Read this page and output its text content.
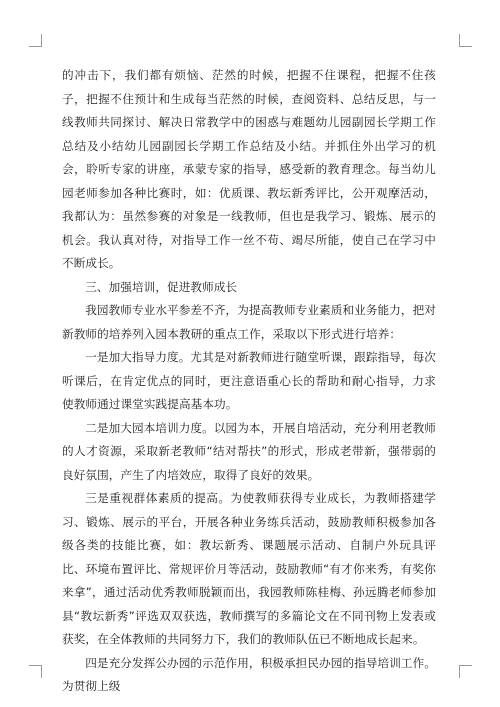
的冲击下，我们都有烦恼、茫然的时候，把握不住课程，把握不住孩子，把握不住预计和生成每当茫然的时候，查阅资料、总结反思，与一线教师共同探讨、解决日常教学中的困惑与难题幼儿园副园长学期工作总结及小结幼儿园副园长学期工作总结及小结。并抓住外出学习的机会，聆听专家的讲座，承蒙专家的指导，感受新的教育理念。每当幼儿园老师参加各种比赛时，如：优质课、教坛新秀评比，公开观摩活动，我都认为：虽然参赛的对象是一线教师，但也是我学习、锻炼、展示的机会。我认真对待，对指导工作一丝不苟、竭尽所能，使自己在学习中不断成长。

三、加强培训，促进教师成长

我园教师专业水平参差不齐，为提高教师专业素质和业务能力，把对新教师的培养列入园本教研的重点工作，采取以下形式进行培养：

一是加大指导力度。尤其是对新教师进行随堂听课，跟踪指导，每次听课后，在肯定优点的同时，更注意语重心长的帮助和耐心指导，力求使教师通过课堂实践提高基本功。

二是加大园本培训力度。以园为本，开展自培活动，充分利用老教师的人才资源，采取新老教师“结对帮扶”的形式，形成老带新，强带弱的良好氛围，产生了内培效应，取得了良好的效果。

三是重视群体素质的提高。为使教师获得专业成长，为教师搭建学习、锻炼、展示的平台，开展各种业务练兵活动，鼓励教师积极参加各级各类的技能比赛，如：教坛新秀、课题展示活动、自制户外玩具评比、环境布置评比、常规评价月等活动，鼓励教师“有才你来秀，有奖你来拿”，通过活动优秀教师脱颖而出，我园教师陈桂梅、孙远腾老师参加县“教坛新秀”评选双双获选，教师撰写的多篇论文在不同刊物上发表或获奖，在全体教师的共同努力下，我们的教师队伍已不断地成长起来。

四是充分发挥公办园的示范作用，积极承担民办园的指导培训工作。为贯彻上级
